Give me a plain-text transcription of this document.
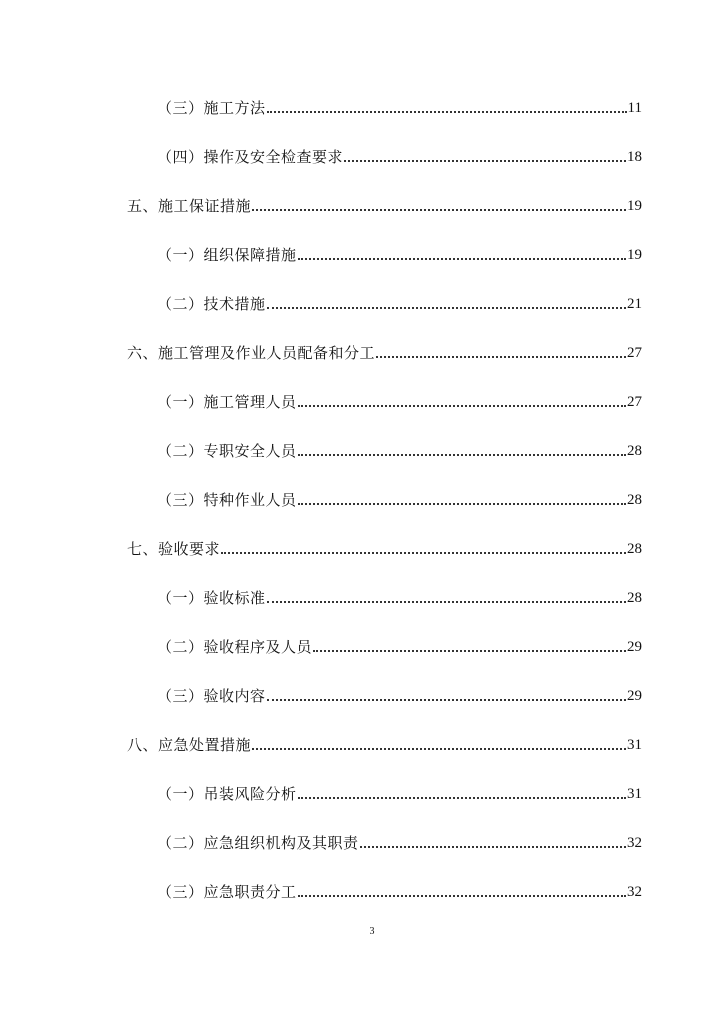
（三）施工方法	11
（四）操作及安全检查要求	18
五、施工保证措施	19
（一）组织保障措施	19
（二）技术措施	21
六、施工管理及作业人员配备和分工	27
（一）施工管理人员	27
（二）专职安全人员	28
（三）特种作业人员	28
七、验收要求	28
（一）验收标准	28
（二）验收程序及人员	29
（三）验收内容	29
八、应急处置措施	31
（一）吊装风险分析	31
（二）应急组织机构及其职责	32
（三）应急职责分工	32
3
